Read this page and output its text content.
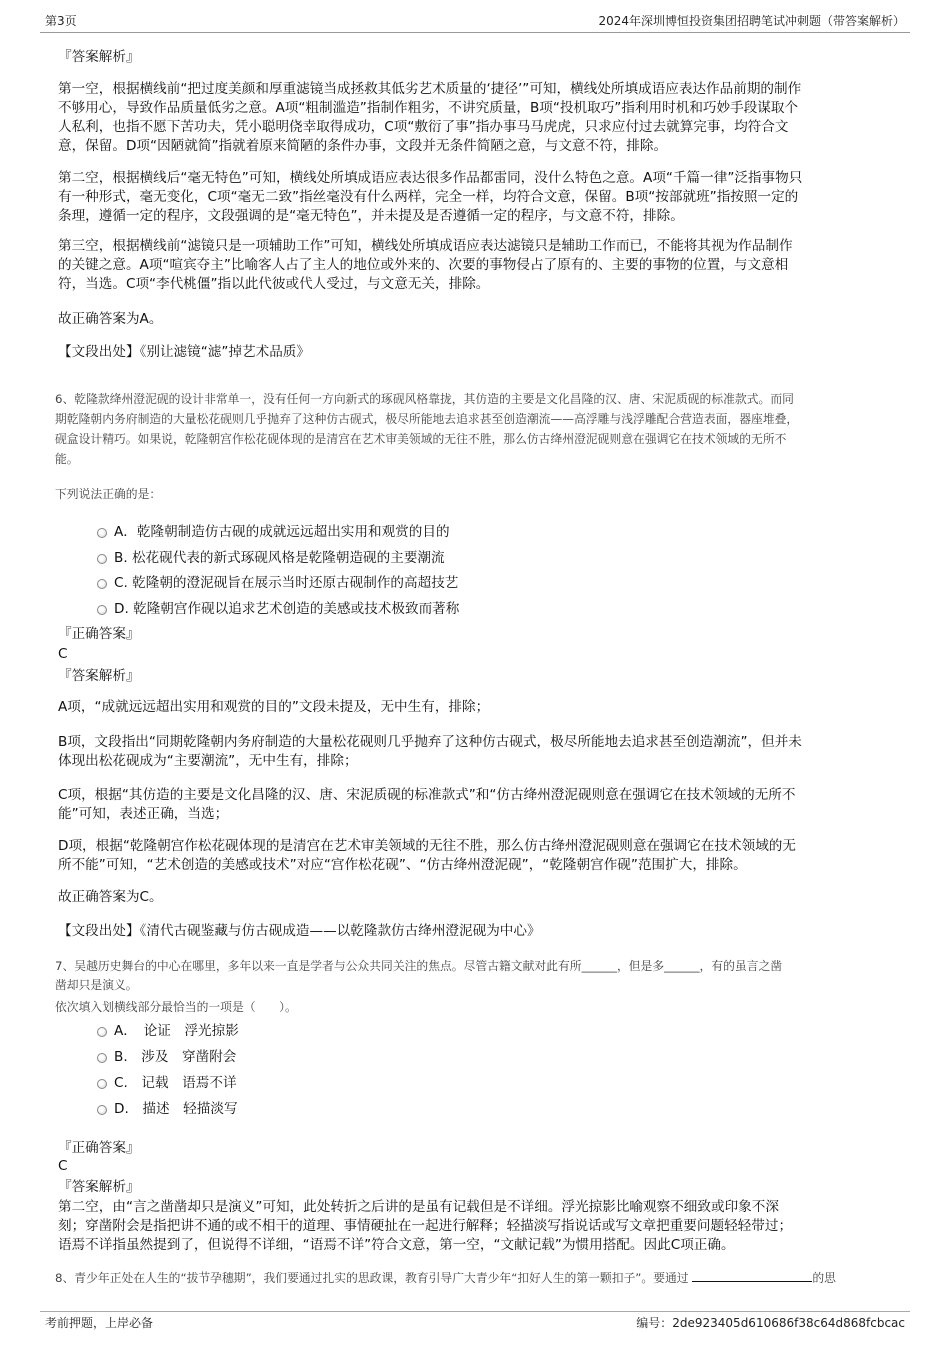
第3页	2024年深圳博恒投资集团招聘笔试冲刺题（带答案解析）
『答案解析』
第一空，根据横线前“把过度美颜和厚重滤镜当成拯救其低劣艺术质量的‘捷径’”可知，横线处所填成语应表达作品前期的制作
不够用心，导致作品质量低劣之意。A项“粗制滥造”指制作粗劣，不讲究质量，B项“投机取巧”指利用时机和巧妙手段谋取个
人私利，也指不愿下苦功夫，凭小聪明侥幸取得成功，C项“敷衍了事”指办事马马虎虎，只求应付过去就算完事，均符合文
意，保留。D项“因陋就简”指就着原来简陋的条件办事，文段并无条件简陋之意，与文意不符，排除。
第二空，根据横线后“毫无特色”可知，横线处所填成语应表达很多作品都雷同，没什么特色之意。A项“千篇一律”泛指事物只
有一种形式，毫无变化，C项“毫无二致”指丝毫没有什么两样，完全一样，均符合文意，保留。B项“按部就班”指按照一定的
条理，遵循一定的程序，文段强调的是“毫无特色”，并未提及是否遵循一定的程序，与文意不符，排除。
第三空，根据横线前“滤镜只是一项辅助工作”可知，横线处所填成语应表达滤镜只是辅助工作而已，不能将其视为作品制作
的关键之意。A项“喧宾夺主”比喻客人占了主人的地位或外来的、次要的事物侵占了原有的、主要的事物的位置，与文意相
符，当选。C项“李代桃僵”指以此代彼或代人受过，与文意无关，排除。
故正确答案为A。
【文段出处】《别让滤镜“滤”掉艺术品质》
6、乾隆款绛州澄泥砚的设计非常单一，没有任何一方向新式的琢砚风格靠拢，其仿造的主要是文化昌隆的汉、唐、宋泥质砚的标准款式。而同
期乾隆朝内务府制造的大量松花砚则几乎抛弃了这种仿古砚式，极尽所能地去追求甚至创造潮流——高浮雕与浅浮雕配合营造表面，器座堆叠，
砚盒设计精巧。如果说，乾隆朝宫作松花砚体现的是清宫在艺术审美领域的无往不胜，那么仿古绛州澄泥砚则意在强调它在技术领域的无所不
能。
下列说法正确的是：
A．乾隆朝制造仿古砚的成就远远超出实用和观赏的目的
B. 松花砚代表的新式琢砚风格是乾隆朝造砚的主要潮流
C. 乾隆朝的澄泥砚旨在展示当时还原古砚制作的高超技艺
D. 乾隆朝宫作砚以追求艺术创造的美感或技术极致而著称
『正确答案』
C
『答案解析』
A项，“成就远远超出实用和观赏的目的”文段未提及，无中生有，排除；
B项，文段指出“同期乾隆朝内务府制造的大量松花砚则几乎抛弃了这种仿古砚式，极尽所能地去追求甚至创造潮流”，但并未
体现出松花砚成为“主要潮流”，无中生有，排除；
C项，根据“其仿造的主要是文化昌隆的汉、唐、宋泥质砚的标准款式”和“仿古绛州澄泥砚则意在强调它在技术领域的无所不
能”可知，表述正确，当选；
D项，根据“乾隆朝宫作松花砚体现的是清宫在艺术审美领域的无往不胜，那么仿古绛州澄泥砚则意在强调它在技术领域的无
所不能”可知，“艺术创造的美感或技术”对应“宫作松花砚”、“仿古绛州澄泥砚”，“乾隆朝宫作砚”范围扩大，排除。
故正确答案为C。
【文段出处】《清代古砚鉴藏与仿古砚成造——以乾隆款仿古绛州澄泥砚为中心》
7、吴越历史舞台的中心在哪里，多年以来一直是学者与公众共同关注的焦点。尽管古籍文献对此有所______，但是多______，有的虽言之凿
凿却只是演义。
依次填入划横线部分最恰当的一项是（　　）。
A．　论证　浮光掠影
B.　涉及　穿凿附会
C.　记载　语焉不详
D.　描述　轻描淡写
『正确答案』
C
『答案解析』
第二空，由“言之凿凿却只是演义”可知，此处转折之后讲的是虽有记载但是不详细。浮光掠影比喻观察不细致或印象不深
刻；穿凿附会是指把讲不通的或不相干的道理、事情硬扯在一起进行解释；轻描淡写指说话或写文章把重要问题轻轻带过；
语焉不详指虽然提到了，但说得不详细，“语焉不详”符合文意，第一空，“文献记载”为惯用搭配。因此C项正确。
8、青少年正处在人生的“拔节孕穗期”，我们要通过扎实的思政课，教育引导广大青少年“扣好人生的第一颗扣子”。要通过	的思
考前押题，上岸必备	编号：2de923405d610686f38c64d868fcbcac
